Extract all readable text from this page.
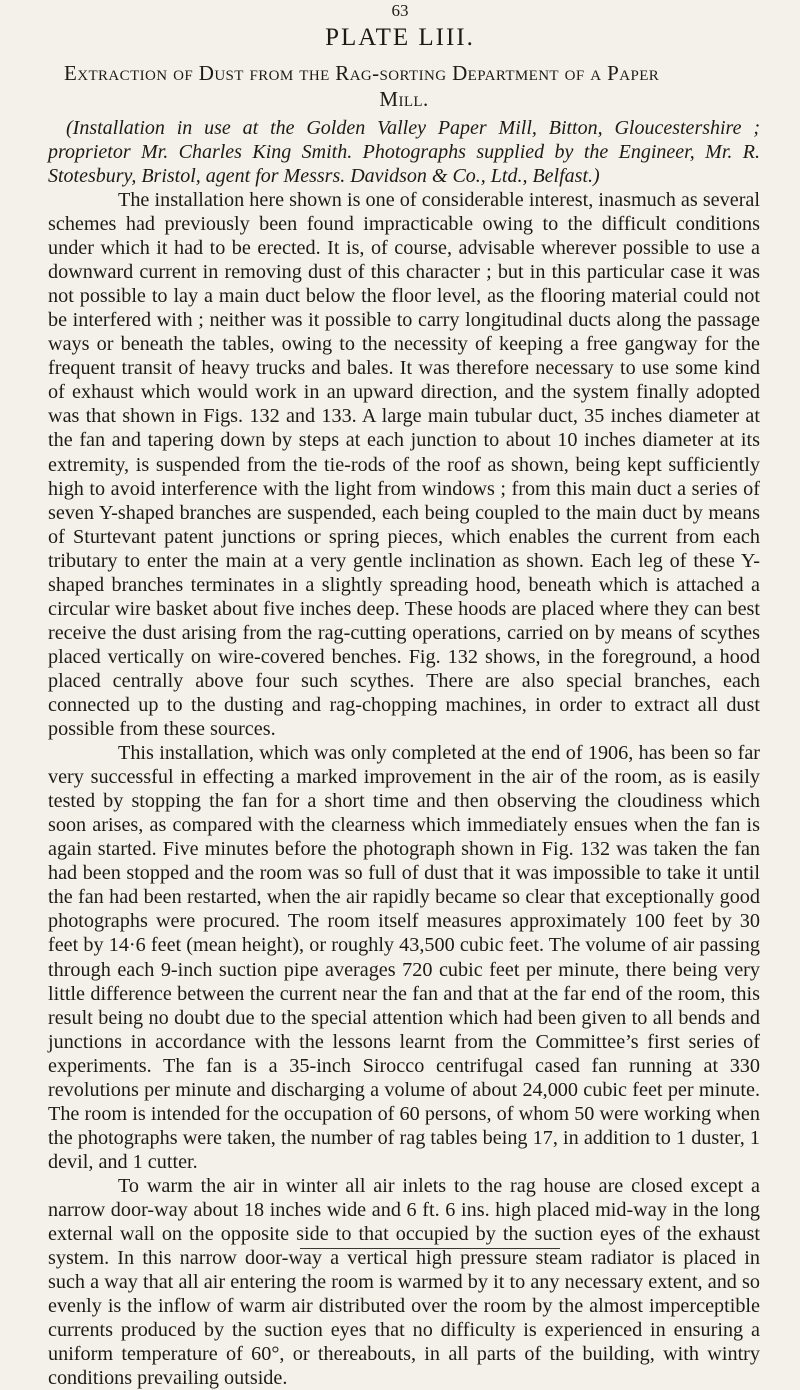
63
PLATE LIII.
Extraction of Dust from the Rag-sorting Department of a Paper
Mill.
(Installation in use at the Golden Valley Paper Mill, Bitton, Gloucestershire ; proprietor Mr. Charles King Smith. Photographs supplied by the Engineer, Mr. R. Stotesbury, Bristol, agent for Messrs. Davidson & Co., Ltd., Belfast.)

The installation here shown is one of considerable interest, inasmuch as several schemes had previously been found impracticable owing to the difficult conditions under which it had to be erected. It is, of course, advisable wherever possible to use a downward current in removing dust of this character ; but in this particular case it was not possible to lay a main duct below the floor level, as the flooring material could not be interfered with ; neither was it possible to carry longitudinal ducts along the passage ways or beneath the tables, owing to the necessity of keeping a free gangway for the frequent transit of heavy trucks and bales. It was therefore necessary to use some kind of exhaust which would work in an upward direction, and the system finally adopted was that shown in Figs. 132 and 133. A large main tubular duct, 35 inches diameter at the fan and tapering down by steps at each junction to about 10 inches diameter at its extremity, is suspended from the tie-rods of the roof as shown, being kept sufficiently high to avoid interference with the light from windows ; from this main duct a series of seven Y-shaped branches are suspended, each being coupled to the main duct by means of Sturtevant patent junctions or spring pieces, which enables the current from each tributary to enter the main at a very gentle inclination as shown. Each leg of these Y-shaped branches terminates in a slightly spreading hood, beneath which is attached a circular wire basket about five inches deep. These hoods are placed where they can best receive the dust arising from the rag-cutting operations, carried on by means of scythes placed vertically on wire-covered benches. Fig. 132 shows, in the foreground, a hood placed centrally above four such scythes. There are also special branches, each connected up to the dusting and rag-chopping machines, in order to extract all dust possible from these sources.

This installation, which was only completed at the end of 1906, has been so far very successful in effecting a marked improvement in the air of the room, as is easily tested by stopping the fan for a short time and then observing the cloudiness which soon arises, as compared with the clearness which immediately ensues when the fan is again started. Five minutes before the photograph shown in Fig. 132 was taken the fan had been stopped and the room was so full of dust that it was impossible to take it until the fan had been restarted, when the air rapidly became so clear that exceptionally good photographs were procured. The room itself measures approximately 100 feet by 30 feet by 14·6 feet (mean height), or roughly 43,500 cubic feet. The volume of air passing through each 9-inch suction pipe averages 720 cubic feet per minute, there being very little difference between the current near the fan and that at the far end of the room, this result being no doubt due to the special attention which had been given to all bends and junctions in accordance with the lessons learnt from the Committee’s first series of experiments. The fan is a 35-inch Sirocco centrifugal cased fan running at 330 revolutions per minute and discharging a volume of about 24,000 cubic feet per minute. The room is intended for the occupation of 60 persons, of whom 50 were working when the photographs were taken, the number of rag tables being 17, in addition to 1 duster, 1 devil, and 1 cutter.

To warm the air in winter all air inlets to the rag house are closed except a narrow door-way about 18 inches wide and 6 ft. 6 ins. high placed mid-way in the long external wall on the opposite side to that occupied by the suction eyes of the exhaust system. In this narrow door-way a vertical high pressure steam radiator is placed in such a way that all air entering the room is warmed by it to any necessary extent, and so evenly is the inflow of warm air distributed over the room by the almost imperceptible currents produced by the suction eyes that no difficulty is experienced in ensuring a uniform temperature of 60°, or thereabouts, in all parts of the building, with wintry conditions prevailing outside.
